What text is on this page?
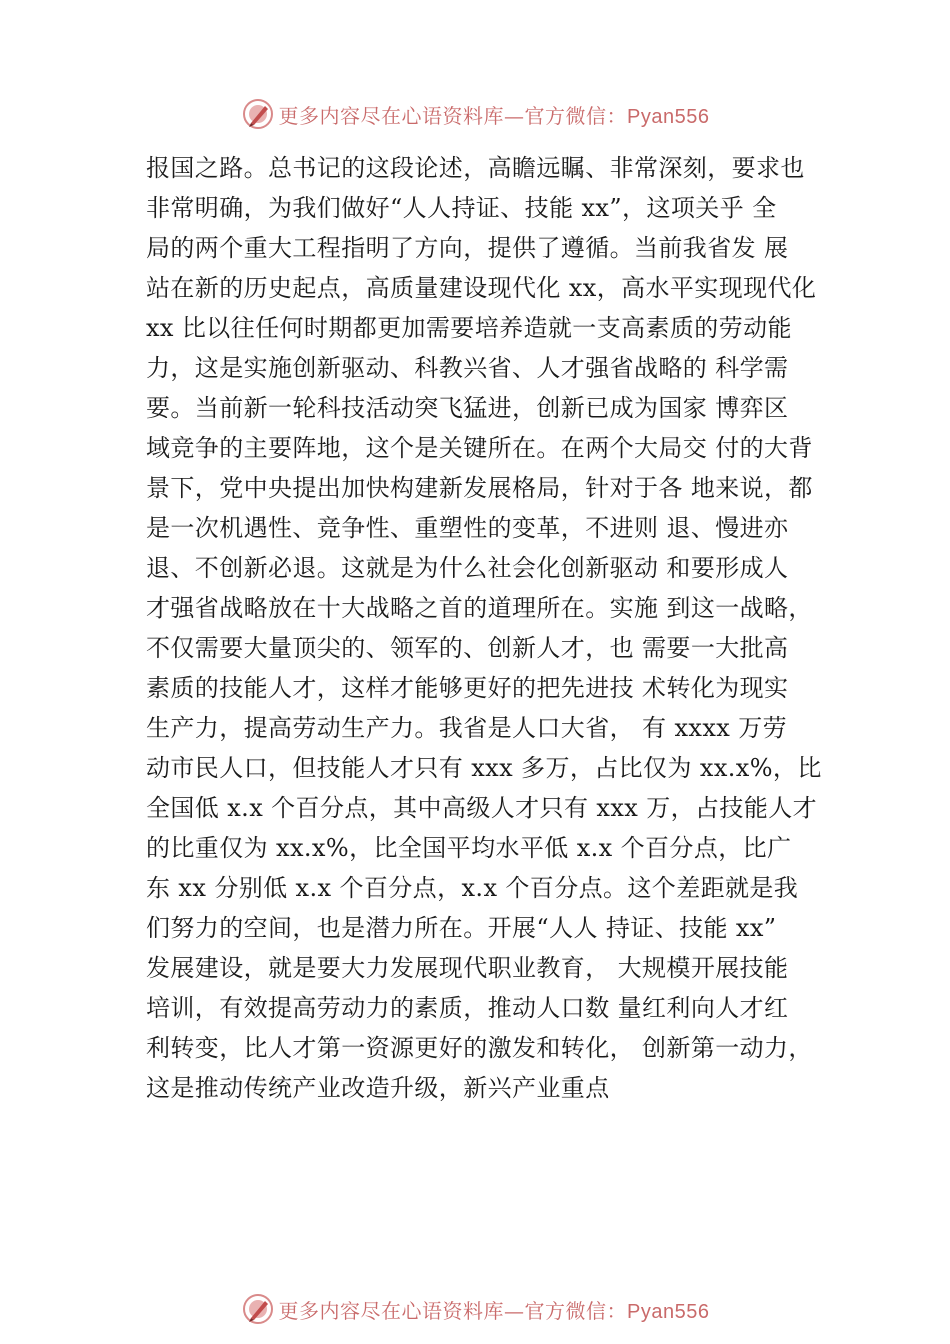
更多内容尽在心语资料库—官方微信：Pyan556
报国之路。总书记的这段论述，高瞻远瞩、非常深刻，要求也
非常明确，为我们做好“人人持证、技能 xx”，这项关乎 全
局的两个重大工程指明了方向，提供了遵循。当前我省发 展
站在新的历史起点，高质量建设现代化 xx，高水平实现现代化
xx 比以往任何时期都更加需要培养造就一支高素质的劳动能
力，这是实施创新驱动、科教兴省、人才强省战略的 科学需
要。当前新一轮科技活动突飞猛进，创新已成为国家 博弈区
域竞争的主要阵地，这个是关键所在。在两个大局交 付的大背
景下，党中央提出加快构建新发展格局，针对于各 地来说，都
是一次机遇性、竞争性、重塑性的变革，不进则 退、慢进亦
退、不创新必退。这就是为什么社会化创新驱动 和要形成人
才强省战略放在十大战略之首的道理所在。实施 到这一战略，
不仅需要大量顶尖的、领军的、创新人才，也 需要一大批高
素质的技能人才，这样才能够更好的把先进技 术转化为现实
生产力，提高劳动生产力。我省是人口大省， 有 xxxx 万劳
动市民人口，但技能人才只有 xxx 多万，占比仅为 xx.x%，比
全国低 x.x 个百分点，其中高级人才只有 xxx 万，占技能人才
的比重仅为 xx.x%，比全国平均水平低 x.x 个百分点，比广
东 xx 分别低 x.x 个百分点，x.x 个百分点。这个差距就是我
们努力的空间，也是潜力所在。开展“人人 持证、技能 xx”
发展建设，就是要大力发展现代职业教育， 大规模开展技能
培训，有效提高劳动力的素质，推动人口数 量红利向人才红
利转变，比人才第一资源更好的激发和转化， 创新第一动力，
这是推动传统产业改造升级，新兴产业重点
更多内容尽在心语资料库—官方微信：Pyan556
